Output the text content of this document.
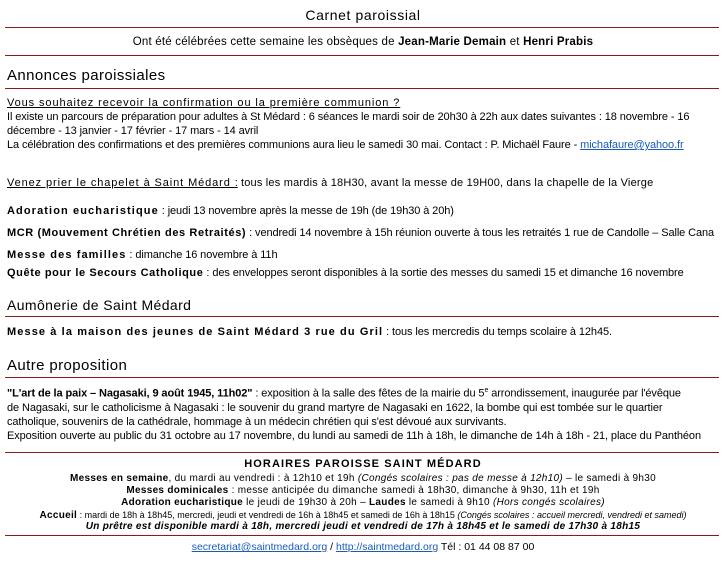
Carnet paroissial
Ont été célébrées cette semaine les obsèques de Jean-Marie Demain et Henri Prabis
Annonces paroissiales
Vous souhaitez recevoir la confirmation ou la première communion ?
Il existe un parcours de préparation pour adultes à St Médard : 6 séances le mardi soir de 20h30 à 22h aux dates suivantes : 18 novembre - 16
décembre - 13 janvier - 17 février - 17 mars - 14 avril
La célébration des confirmations et des premières communions aura lieu le samedi 30 mai. Contact : P. Michaël Faure - michafaure@yahoo.fr
Venez prier le chapelet à Saint Médard : tous les mardis à 18H30, avant la messe de 19H00, dans la chapelle de la Vierge
Adoration eucharistique : jeudi 13 novembre après la messe de 19h (de 19h30 à 20h)
MCR (Mouvement Chrétien des Retraités) : vendredi 14 novembre à 15h réunion ouverte à tous les retraités 1 rue de Candolle – Salle Cana
Messe des familles : dimanche 16 novembre à 11h
Quête pour le Secours Catholique : des enveloppes seront disponibles à la sortie des messes du samedi 15 et dimanche 16 novembre
Aumônerie de Saint Médard
Messe à la maison des jeunes de Saint Médard 3 rue du Gril : tous les mercredis du temps scolaire à 12h45.
Autre proposition
"L'art de la paix – Nagasaki, 9 août 1945, 11h02" : exposition à la salle des fêtes de la mairie du 5e arrondissement, inaugurée par l'évêque
de Nagasaki, sur le catholicisme à Nagasaki : le souvenir du grand martyre de Nagasaki en 1622, la bombe qui est tombée sur le quartier
catholique, souvenirs de la cathédrale, hommage à un médecin chrétien qui s'est dévoué aux survivants.
Exposition ouverte au public du 31 octobre au 17 novembre, du lundi au samedi de 11h à 18h, le dimanche de 14h à 18h - 21, place du Panthéon
HORAIRES PAROISSE SAINT MÉDARD
Messes en semaine, du mardi au vendredi : à 12h10 et 19h (Congés scolaires : pas de messe à 12h10) – le samedi à 9h30
Messes dominicales : messe anticipée du dimanche samedi à 18h30, dimanche à 9h30, 11h et 19h
Adoration eucharistique le jeudi de 19h30 à 20h – Laudes le samedi à 9h10 (Hors congés scolaires)
Accueil : mardi de 18h à 18h45, mercredi, jeudi et vendredi de 16h à 18h45 et samedi de 16h à 18h15 (Congés scolaires : accueil mercredi, vendredi et samedi)
Un prêtre est disponible mardi à 18h, mercredi jeudi et vendredi de 17h à 18h45 et le samedi de 17h30 à 18h15
secretariat@saintmedard.org / http://saintmedard.org Tél : 01 44 08 87 00
